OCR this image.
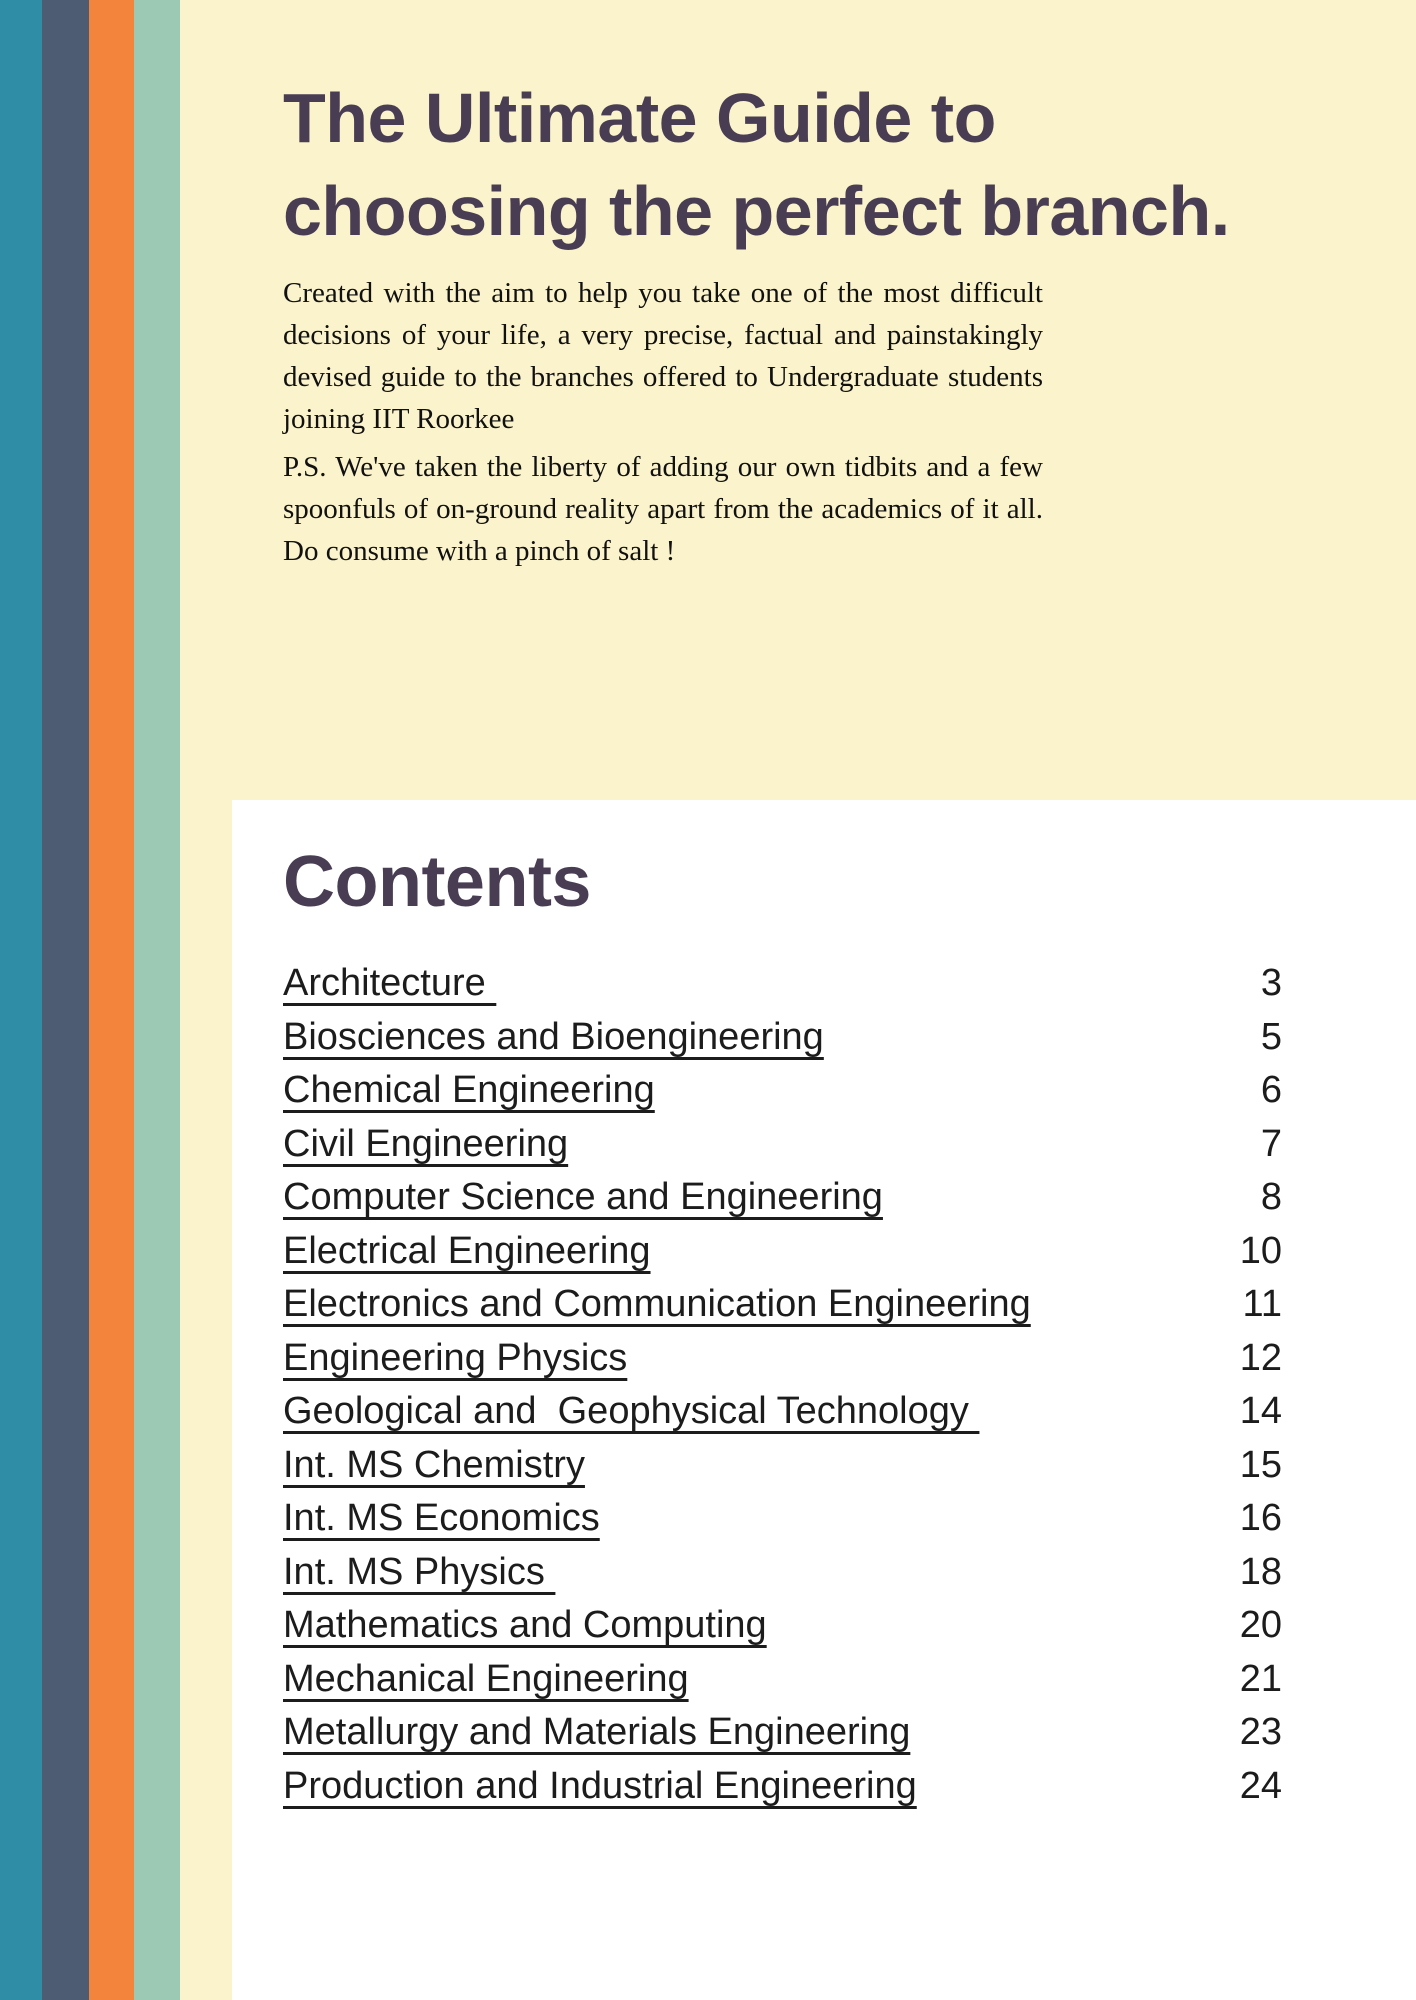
The Ultimate Guide to
choosing the perfect branch.
Created with the aim to help you take one of the most difficult
decisions of your life, a very precise, factual and painstakingly
devised guide to the branches offered to Undergraduate students
joining IIT Roorkee
P.S. We've taken the liberty of adding our own tidbits and a few
spoonfuls of on-ground reality apart from the academics of it all.
Do consume with a pinch of salt !
Contents
Architecture	3
Biosciences and Bioengineering	5
Chemical Engineering	6
Civil Engineering	7
Computer Science and Engineering	8
Electrical Engineering	10
Electronics and Communication Engineering	11
Engineering Physics	12
Geological and  Geophysical Technology	14
Int. MS Chemistry	15
Int. MS Economics	16
Int. MS Physics	18
Mathematics and Computing	20
Mechanical Engineering	21
Metallurgy and Materials Engineering	23
Production and Industrial Engineering	24
